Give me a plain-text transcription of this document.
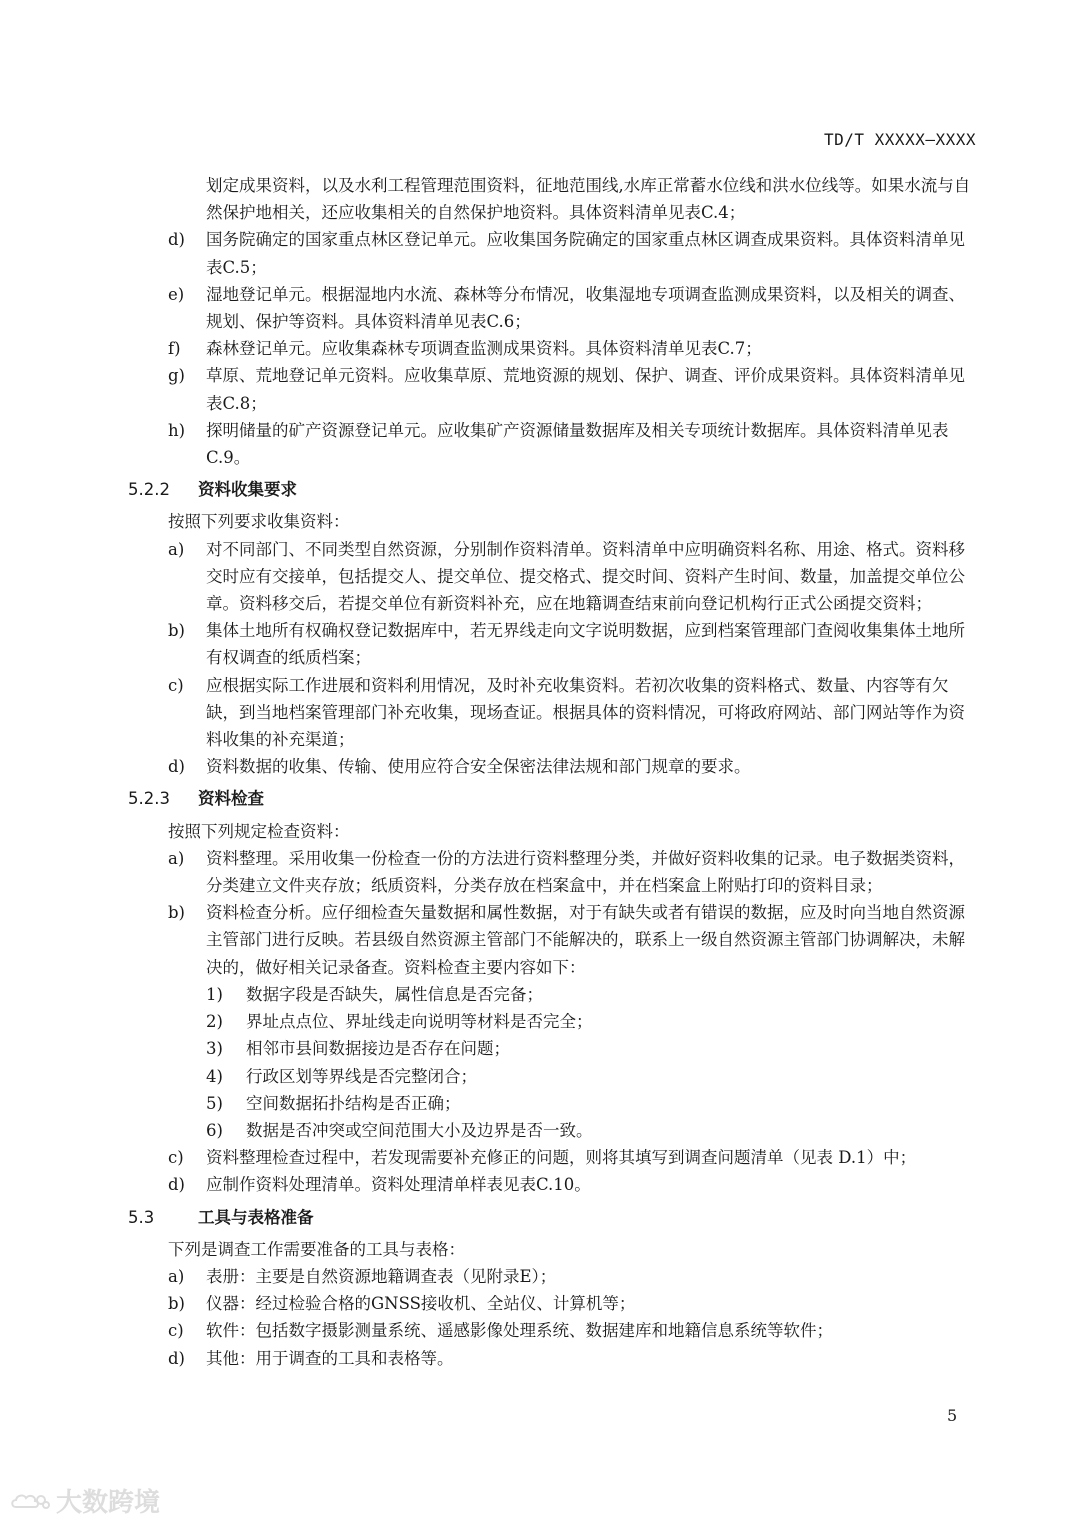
TD/T XXXXX—XXXX

划定成果资料，以及水利工程管理范围资料，征地范围线,水库正常蓄水位线和洪水位线等。如果水流与自然保护地相关，还应收集相关的自然保护地资料。具体资料清单见表C.4；

d) 国务院确定的国家重点林区登记单元。应收集国务院确定的国家重点林区调查成果资料。具体资料清单见表C.5；
e) 湿地登记单元。根据湿地内水流、森林等分布情况，收集湿地专项调查监测成果资料，以及相关的调查、规划、保护等资料。具体资料清单见表C.6；
f) 森林登记单元。应收集森林专项调查监测成果资料。具体资料清单见表C.7；
g) 草原、荒地登记单元资料。应收集草原、荒地资源的规划、保护、调查、评价成果资料。具体资料清单见表C.8；
h) 探明储量的矿产资源登记单元。应收集矿产资源储量数据库及相关专项统计数据库。具体资料清单见表C.9。
5.2.2 资料收集要求
按照下列要求收集资料：
a) 对不同部门、不同类型自然资源，分别制作资料清单。资料清单中应明确资料名称、用途、格式。资料移交时应有交接单，包括提交人、提交单位、提交格式、提交时间、资料产生时间、数量，加盖提交单位公章。资料移交后，若提交单位有新资料补充，应在地籍调查结束前向登记机构行正式公函提交资料；
b) 集体土地所有权确权登记数据库中，若无界线走向文字说明数据，应到档案管理部门查阅收集集体土地所有权调查的纸质档案；
c) 应根据实际工作进展和资料利用情况，及时补充收集资料。若初次收集的资料格式、数量、内容等有欠缺，到当地档案管理部门补充收集，现场查证。根据具体的资料情况，可将政府网站、部门网站等作为资料收集的补充渠道；
d) 资料数据的收集、传输、使用应符合安全保密法律法规和部门规章的要求。
5.2.3 资料检查
按照下列规定检查资料：
a) 资料整理。采用收集一份检查一份的方法进行资料整理分类，并做好资料收集的记录。电子数据类资料，分类建立文件夹存放；纸质资料，分类存放在档案盒中，并在档案盒上附贴打印的资料目录；
b) 资料检查分析。应仔细检查矢量数据和属性数据，对于有缺失或者有错误的数据，应及时向当地自然资源主管部门进行反映。若县级自然资源主管部门不能解决的，联系上一级自然资源主管部门协调解决，未解决的，做好相关记录备查。资料检查主要内容如下：
1) 数据字段是否缺失，属性信息是否完备；
2) 界址点点位、界址线走向说明等材料是否完全；
3) 相邻市县间数据接边是否存在问题；
4) 行政区划等界线是否完整闭合；
5) 空间数据拓扑结构是否正确；
6) 数据是否冲突或空间范围大小及边界是否一致。
c) 资料整理检查过程中，若发现需要补充修正的问题，则将其填写到调查问题清单（见表 D.1）中；
d) 应制作资料处理清单。资料处理清单样表见表C.10。
5.3	工具与表格准备
下列是调查工作需要准备的工具与表格：
a) 表册：主要是自然资源地籍调查表（见附录E）；
b) 仪器：经过检验合格的GNSS接收机、全站仪、计算机等；
c) 软件：包括数字摄影测量系统、遥感影像处理系统、数据建库和地籍信息系统等软件；
d) 其他：用于调查的工具和表格等。
5
大数跨境
